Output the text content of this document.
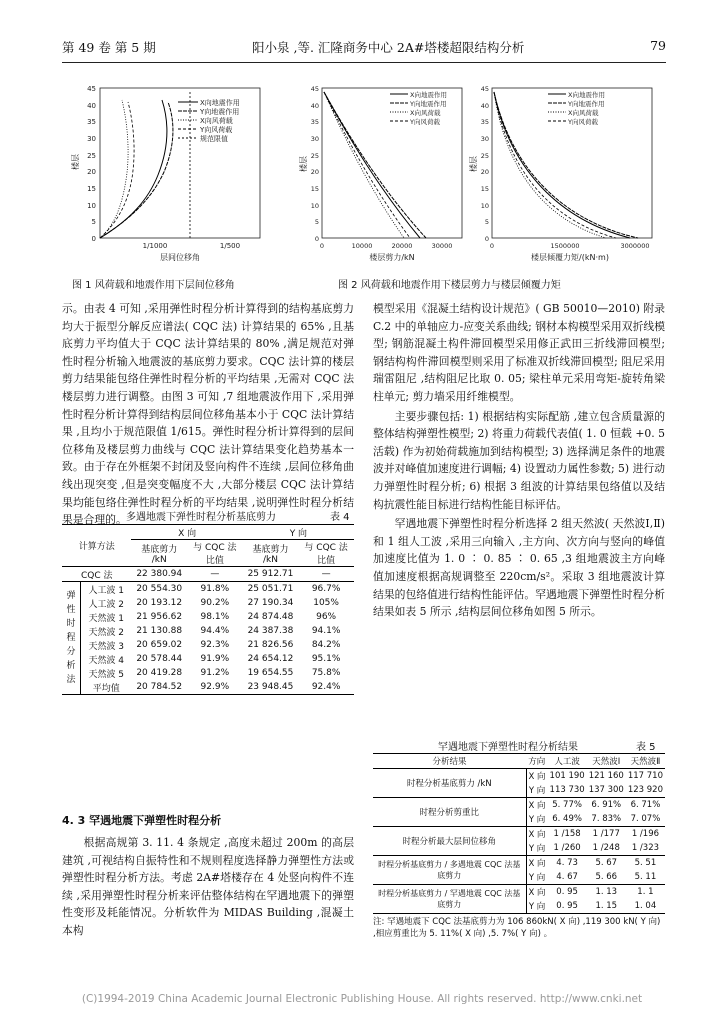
第 49 卷 第 5 期	阳小泉 ,等. 汇隆商务中心 2A#塔楼超限结构分析	79
45
40
35
30
25
20
15
10
5
0
楼层
1/1000	1/500
层间位移角
X向地震作用
Y向地震作用
X向风荷载
Y向风荷载
规范限值
45
40
35
30
25
20
15
10
5
0
楼层
0	10000	20000	30000
楼层剪力/kN
X向地震作用
Y向地震作用
X向风荷载
Y向风荷载
45
40
35
30
25
20
15
10
5
0
楼层
0	1500000	3000000
楼层倾覆力矩/(kN·m)
X向地震作用
Y向地震作用
X向风荷载
Y向风荷载
图 1 风荷载和地震作用下层间位移角	图 2 风荷载和地震作用下楼层剪力与楼层倾覆力矩

示。由表 4 可知 ,采用弹性时程分析计算得到的结构基底剪力均大于振型分解反应谱法( CQC 法) 计算结果的 65% ,且基底剪力平均值大于 CQC 法计算结果的 80% ,满足规范对弹性时程分析输入地震波的基底剪力要求。CQC 法计算的楼层剪力结果能包络住弹性时程分析的平均结果 ,无需对 CQC 法楼层剪力进行调整。由图 3 可知 ,7 组地震波作用下 ,采用弹性时程分析计算得到结构层间位移角基本小于 CQC 法计算结果 ,且均小于规范限值 1/615。弹性时程分析计算得到的层间位移角及楼层剪力曲线与 CQC 法计算结果变化趋势基本一致。由于存在外框架不封闭及竖向构件不连续 ,层间位移角曲线出现突变 ,但是突变幅度不大 ,大部分楼层 CQC 法计算结果均能包络住弹性时程分析的平均结果 ,说明弹性时程分析结果是合理的。 多遇地震下弹性时程分析基底剪力	表 4
计算方法		X 向		Y 向	
		基底剪力 /kN	与 CQC 法比值	基底剪力 /kN	与 CQC 法比值
CQC 法		22 380.94	—	25 912.71	—
弹性时程分析法	人工波 1	20 554.30	91.8%	25 051.71	96.7%
	人工波 2	20 193.12	90.2%	27 190.34	105%
	天然波 1	21 956.62	98.1%	24 874.48	96%
	天然波 2	21 130.88	94.4%	24 387.38	94.1%
	天然波 3	20 659.02	92.3%	21 826.56	84.2%
	天然波 4	20 578.44	91.9%	24 654.12	95.1%
	天然波 5	20 419.28	91.2%	19 654.55	75.8%
	平均值	20 784.52	92.9%	23 948.45	92.4%
4. 3 罕遇地震下弹塑性时程分析

根据高规第 3. 11. 4 条规定 ,高度未超过 200m 的高层建筑 ,可视结构自振特性和不规则程度选择静力弹塑性方法或弹塑性时程分析方法。考虑 2A#塔楼存在 4 处竖向构件不连续 ,采用弹塑性时程分析来评估整体结构在罕遇地震下的弹塑性变形及耗能情况。分析软件为 MIDAS Building ,混凝土本构

模型采用《混凝土结构设计规范》( GB 50010—2010) 附录 C.2 中的单轴应力-应变关系曲线; 钢材本构模型采用双折线模型; 钢筋混凝土构件滞回模型采用修正武田三折线滞回模型; 钢结构构件滞回模型则采用了标准双折线滞回模型; 阻尼采用瑞雷阻尼 ,结构阻尼比取 0. 05; 梁柱单元采用弯矩-旋转角梁柱单元; 剪力墙采用纤维模型。

主要步骤包括: 1) 根据结构实际配筋 ,建立包含质量源的整体结构弹塑性模型; 2) 将重力荷载代表值( 1. 0 恒载 +0. 5 活载) 作为初始荷载施加到结构模型; 3) 选择满足条件的地震波并对峰值加速度进行调幅; 4) 设置动力属性参数; 5) 进行动力弹塑性时程分析; 6) 根据 3 组波的计算结果包络值以及结构抗震性能目标进行结构性能目标评估。

罕遇地震下弹塑性时程分析选择 2 组天然波( 天然波Ⅰ,Ⅱ) 和 1 组人工波 ,采用三向输入 ,主方向、次方向与竖向的峰值加速度比值为 1. 0 ∶ 0. 85 ∶ 0. 65 ,3 组地震波主方向峰值加速度根据高规调整至 220cm/s²。采取 3 组地震波计算结果的包络值进行结构性能评估。罕遇地震下弹塑性时程分析结果如表 5 所示 ,结构层间位移角如图 5 所示。

罕遇地震下弹塑性时程分析结果	表 5
分析结果	方向	人工波	天然波Ⅰ	天然波Ⅱ
时程分析基底剪力 /kN	X 向	101 190	121 160	117 710
	Y 向	113 730	137 300	123 920
时程分析剪重比	X 向	5. 77%	6. 91%	6. 71%
	Y 向	6. 49%	7. 83%	7. 07%
时程分析最大层间位移角	X 向	1 /158	1 /177	1 /196
	Y 向	1 /260	1 /248	1 /323
时程分析基底剪力 / 多遇地震 CQC 法基底剪力	X 向	4. 73	5. 67	5. 51
	Y 向	4. 67	5. 66	5. 11
时程分析基底剪力 / 罕遇地震 CQC 法基底剪力	X 向	0. 95	1. 13	1. 1
	Y 向	0. 95	1. 15	1. 04
注: 罕遇地震下 CQC 法基底剪力为 106 860kN( X 向) ,119 300 kN( Y 向) ,相应剪重比为 5. 11%( X 向) ,5. 7%( Y 向) 。
(C)1994-2019 China Academic Journal Electronic Publishing House. All rights reserved. http://www.cnki.net
